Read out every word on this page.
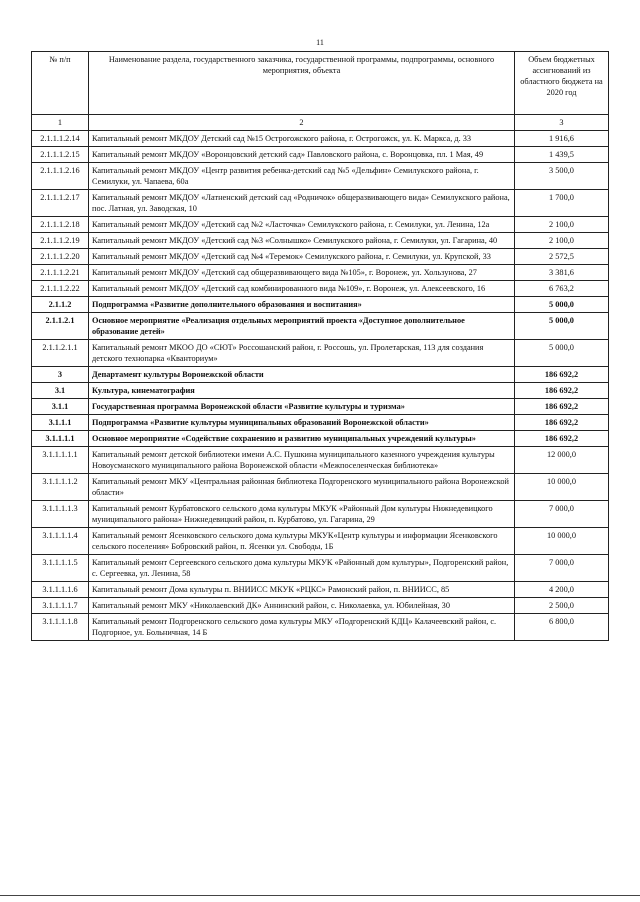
11
№ п/п	Наименование раздела, государственного заказчика, государственной программы, подпрограммы, основного мероприятия, объекта	Объем бюджетных ассигнований из областного бюджета на 2020 год
1	2	3
2.1.1.1.2.14	Капитальный ремонт МКДОУ Детский сад №15 Острогожского района, г. Острогожск, ул. К. Маркса, д. 33	1 916,6
2.1.1.1.2.15	Капитальный ремонт МКДОУ «Воронцовский детский сад» Павловского района, с. Воронцовка, пл. 1 Мая, 49	1 439,5
2.1.1.1.2.16	Капитальный ремонт МКДОУ «Центр развития ребенка-детский сад №5 «Дельфин» Семилукского района, г. Семилуки, ул. Чапаева, 60а	3 500,0
2.1.1.1.2.17	Капитальный ремонт МКДОУ «Латненский детский сад «Родничок» общеразвивающего вида» Семилукского района, пос. Латная, ул. Заводская, 10	1 700,0
2.1.1.1.2.18	Капитальный ремонт МКДОУ «Детский сад №2 «Ласточка» Семилукского района, г. Семилуки, ул. Ленина, 12а	2 100,0
2.1.1.1.2.19	Капитальный ремонт МКДОУ «Детский сад №3 «Солнышко» Семилукского района, г. Семилуки, ул. Гагарина, 40	2 100,0
2.1.1.1.2.20	Капитальный ремонт МКДОУ «Детский сад №4 «Теремок» Семилукского района, г. Семилуки, ул. Крупской, 33	2 572,5
2.1.1.1.2.21	Капитальный ремонт МКДОУ «Детский сад общеразвивающего вида №105», г. Воронеж, ул. Хользунова, 27	3 381,6
2.1.1.1.2.22	Капитальный ремонт МКДОУ «Детский сад комбинированного вида №109», г. Воронеж, ул. Алексеевского, 16	6 763,2
2.1.1.2	Подпрограмма «Развитие дополнительного образования и воспитания»	5 000,0
2.1.1.2.1	Основное мероприятие «Реализация отдельных мероприятий проекта «Доступное дополнительное образование детей»	5 000,0
2.1.1.2.1.1	Капитальный ремонт МКОО ДО «СЮТ» Россошанский район, г. Россошь, ул. Пролетарская, 113 для создания детского технопарка «Кванториум»	5 000,0
3	Департамент культуры Воронежской области	186 692,2
3.1	Культура, кинематография	186 692,2
3.1.1	Государственная программа Воронежской области «Развитие культуры и туризма»	186 692,2
3.1.1.1	Подпрограмма «Развитие культуры муниципальных образований Воронежской области»	186 692,2
3.1.1.1.1	Основное мероприятие «Содействие сохранению и развитию муниципальных учреждений культуры»	186 692,2
3.1.1.1.1.1	Капитальный ремонт детской библиотеки имени А.С. Пушкина муниципального казенного учреждения культуры Новоусманского муниципального района Воронежской области «Межпоселенческая библиотека»	12 000,0
3.1.1.1.1.2	Капитальный ремонт МКУ «Центральная районная библиотека Подгоренского муниципального района Воронежской области»	10 000,0
3.1.1.1.1.3	Капитальный ремонт Курбатовского сельского дома культуры МКУК «Районный Дом культуры Нижнедевицкого муниципального района» Нижнедевицкий район, п. Курбатово, ул. Гагарина, 29	7 000,0
3.1.1.1.1.4	Капитальный ремонт Ясенковского сельского дома культуры МКУК«Центр культуры и информации Ясенковского сельского поселения» Бобровский район, п. Ясенки ул. Свободы, 1Б	10 000,0
3.1.1.1.1.5	Капитальный ремонт Сергеевского сельского дома культуры МКУК «Районный дом культуры», Подгоренский район, с. Сергеевка, ул. Ленина, 58	7 000,0
3.1.1.1.1.6	Капитальный ремонт Дома культуры п. ВНИИСС МКУК «РЦКС» Рамонский район, п. ВНИИСС, 85	4 200,0
3.1.1.1.1.7	Капитальный ремонт МКУ «Николаевский ДК» Аннинский район, с. Николаевка, ул. Юбилейная, 30	2 500,0
3.1.1.1.1.8	Капитальный ремонт Подгоренского сельского дома культуры МКУ «Подгоренский КДЦ» Калачеевский район, с. Подгорное, ул. Больничная, 14 Б	6 800,0
